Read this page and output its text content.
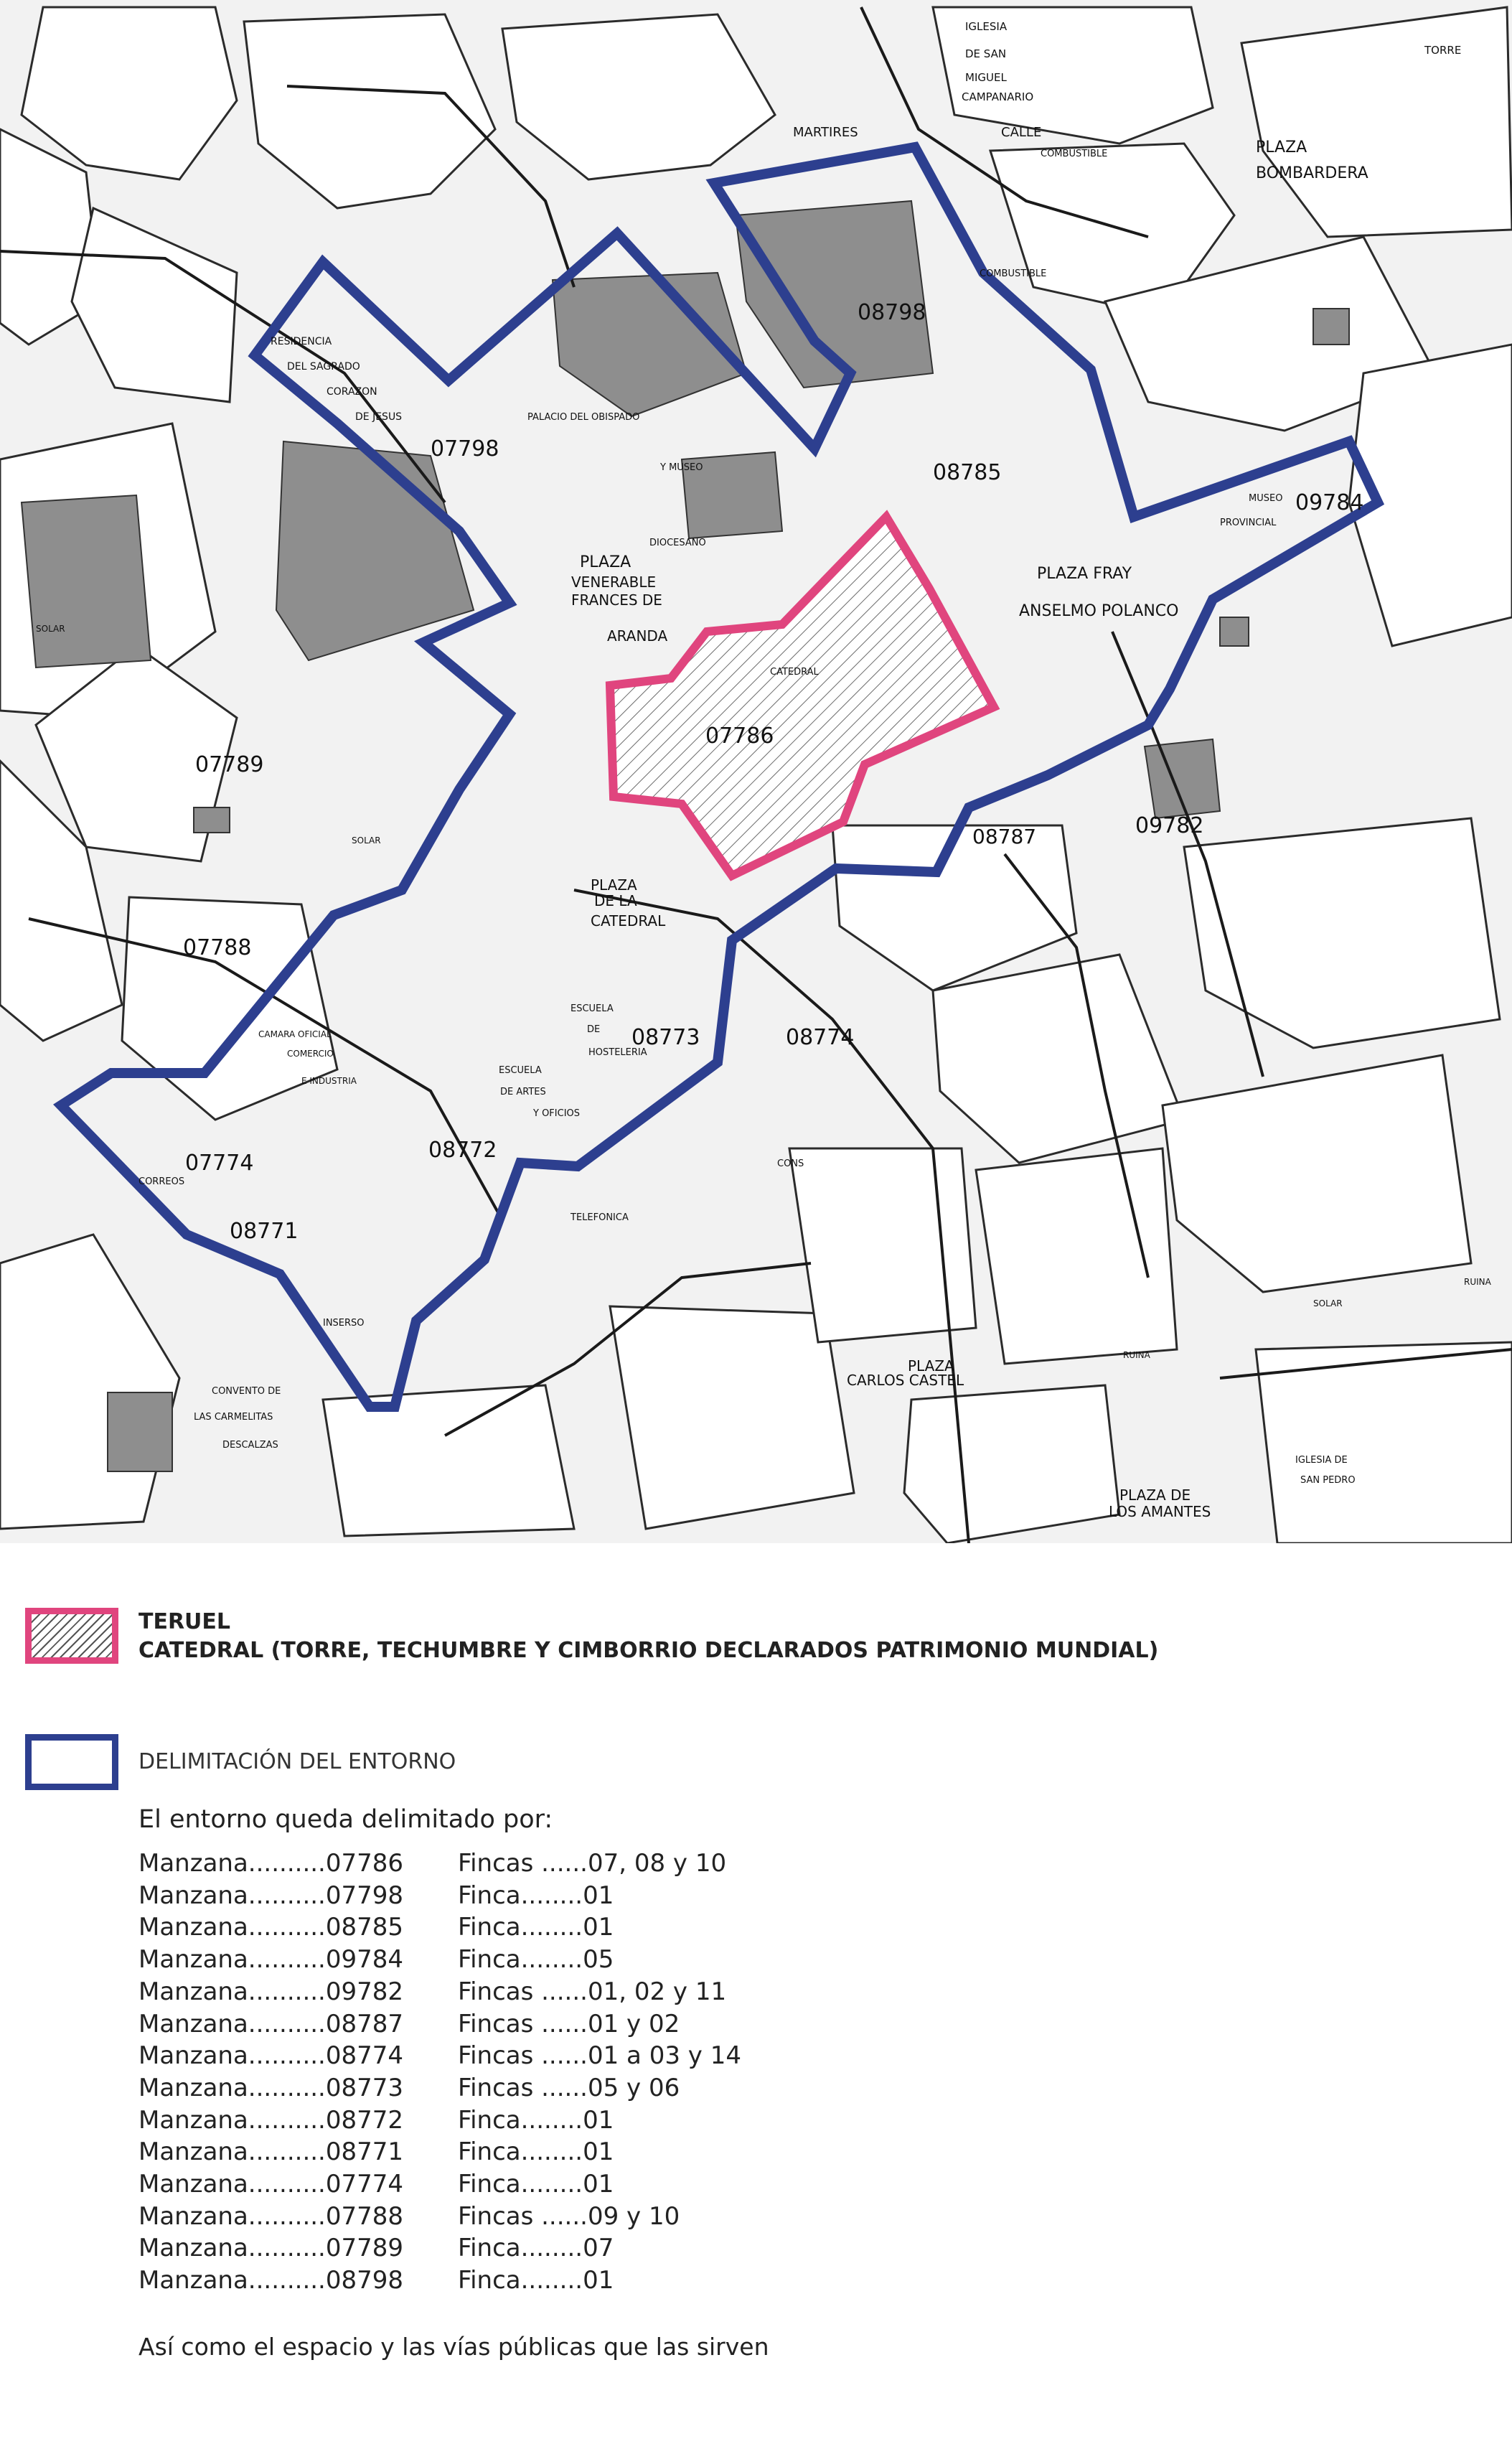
IGLESIA
DE SAN
MIGUEL
CAMPANARIO
PLAZA
BOMBARDERA
TORRE
COMBUSTIBLE
COMBUSTIBLE
08798
RESIDENCIA
DEL SAGRADO
CORAZON
DE JESUS
07798
PALACIO DEL OBISPADO
Y MUSEO
DIOCESANO
08785
09784
MUSEO
PROVINCIAL
PLAZA FRAY
ANSELMO POLANCO
PLAZA
VENERABLE
FRANCES DE
ARANDA
CATEDRAL
07786
09782
08787
07789
07788
PLAZA
DE LA
CATEDRAL
ESCUELA
DE
HOSTELERIA
08773	08774
ESCUELA
DE ARTES
Y OFICIOS
CAMARA OFICIAL
COMERCIO
E INDUSTRIA
07774
CORREOS
08772
TELEFONICA
08771
INSERSO
CONVENTO DE
LAS CARMELITAS
DESCALZAS
PLAZA
CARLOS CASTEL
IGLESIA DE
SAN PEDRO
PLAZA DE
LOS AMANTES
SOLAR
SOLAR
SOLAR
MARTIRES	CALLE
RUINA
RUINA
CONS
TERUEL
CATEDRAL (TORRE, TECHUMBRE Y CIMBORRIO DECLARADOS PATRIMONIO MUNDIAL)
DELIMITACIÓN DEL ENTORNO
El entorno queda delimitado por:
Manzana..........07786	Fincas ......07, 08 y 10
Manzana..........07798	Finca........01
Manzana..........08785	Finca........01
Manzana..........09784	Finca........05
Manzana..........09782	Fincas ......01, 02 y 11
Manzana..........08787	Fincas ......01 y 02
Manzana..........08774	Fincas ......01 a 03 y 14
Manzana..........08773	Fincas ......05 y 06
Manzana..........08772	Finca........01
Manzana..........08771	Finca........01
Manzana..........07774	Finca........01
Manzana..........07788	Fincas ......09 y 10
Manzana..........07789	Finca........07
Manzana..........08798	Finca........01
Así como el espacio y las vías públicas que las sirven
